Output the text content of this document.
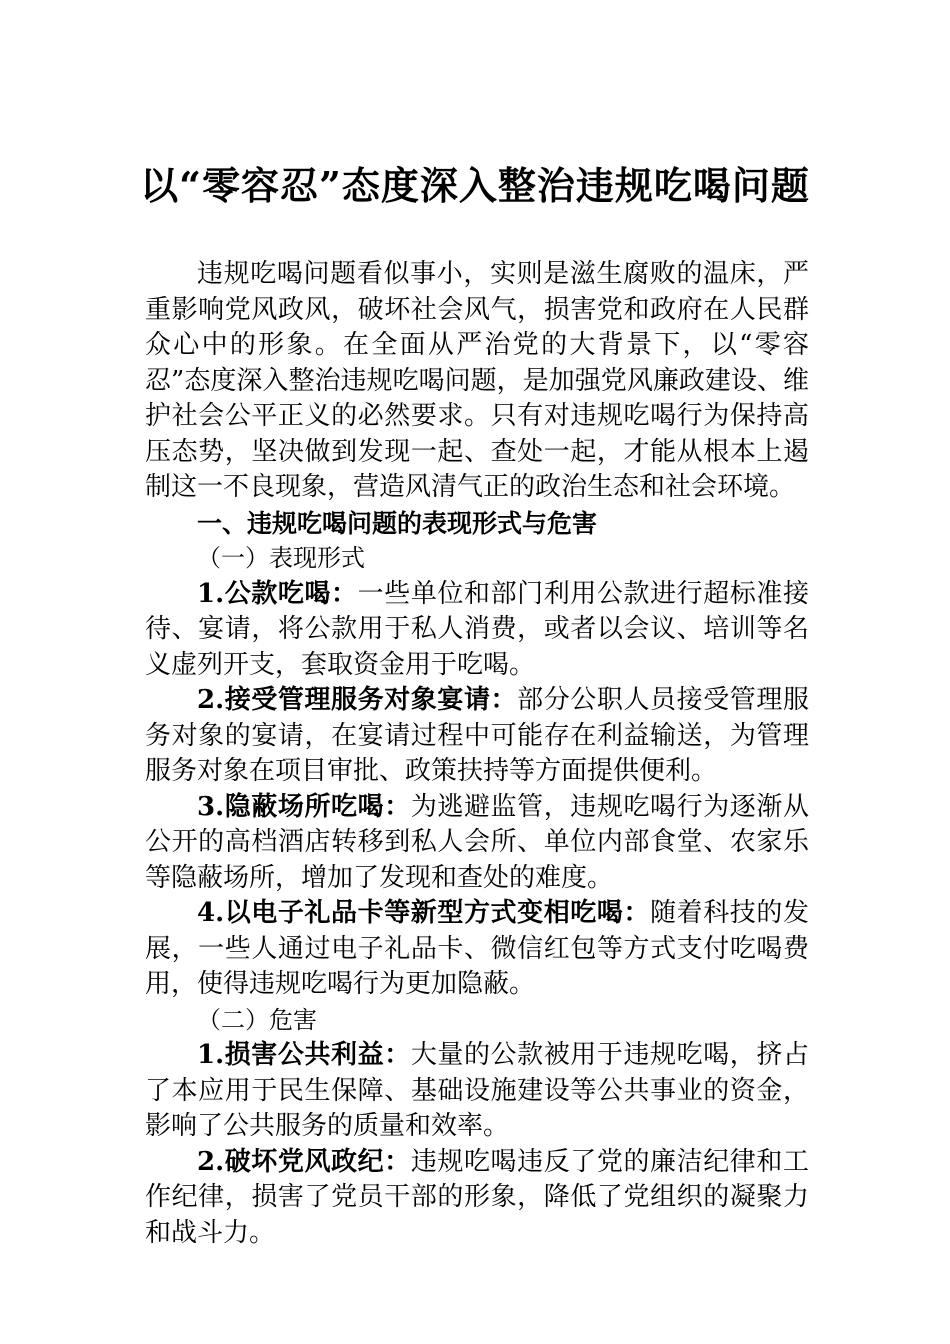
以“零容忍”态度深入整治违规吃喝问题

违规吃喝问题看似事小，实则是滋生腐败的温床，严重影响党风政风，破坏社会风气，损害党和政府在人民群众心中的形象。在全面从严治党的大背景下，以“零容忍”态度深入整治违规吃喝问题，是加强党风廉政建设、维护社会公平正义的必然要求。只有对违规吃喝行为保持高压态势，坚决做到发现一起、查处一起，才能从根本上遏制这一不良现象，营造风清气正的政治生态和社会环境。

一、违规吃喝问题的表现形式与危害

（一）表现形式

1.公款吃喝：一些单位和部门利用公款进行超标准接待、宴请，将公款用于私人消费，或者以会议、培训等名义虚列开支，套取资金用于吃喝。

2.接受管理服务对象宴请：部分公职人员接受管理服务对象的宴请，在宴请过程中可能存在利益输送，为管理服务对象在项目审批、政策扶持等方面提供便利。

3.隐蔽场所吃喝：为逃避监管，违规吃喝行为逐渐从公开的高档酒店转移到私人会所、单位内部食堂、农家乐等隐蔽场所，增加了发现和查处的难度。

4.以电子礼品卡等新型方式变相吃喝：随着科技的发展，一些人通过电子礼品卡、微信红包等方式支付吃喝费用，使得违规吃喝行为更加隐蔽。

（二）危害

1.损害公共利益：大量的公款被用于违规吃喝，挤占了本应用于民生保障、基础设施建设等公共事业的资金，影响了公共服务的质量和效率。

2.破坏党风政纪：违规吃喝违反了党的廉洁纪律和工作纪律，损害了党员干部的形象，降低了党组织的凝聚力和战斗力。
